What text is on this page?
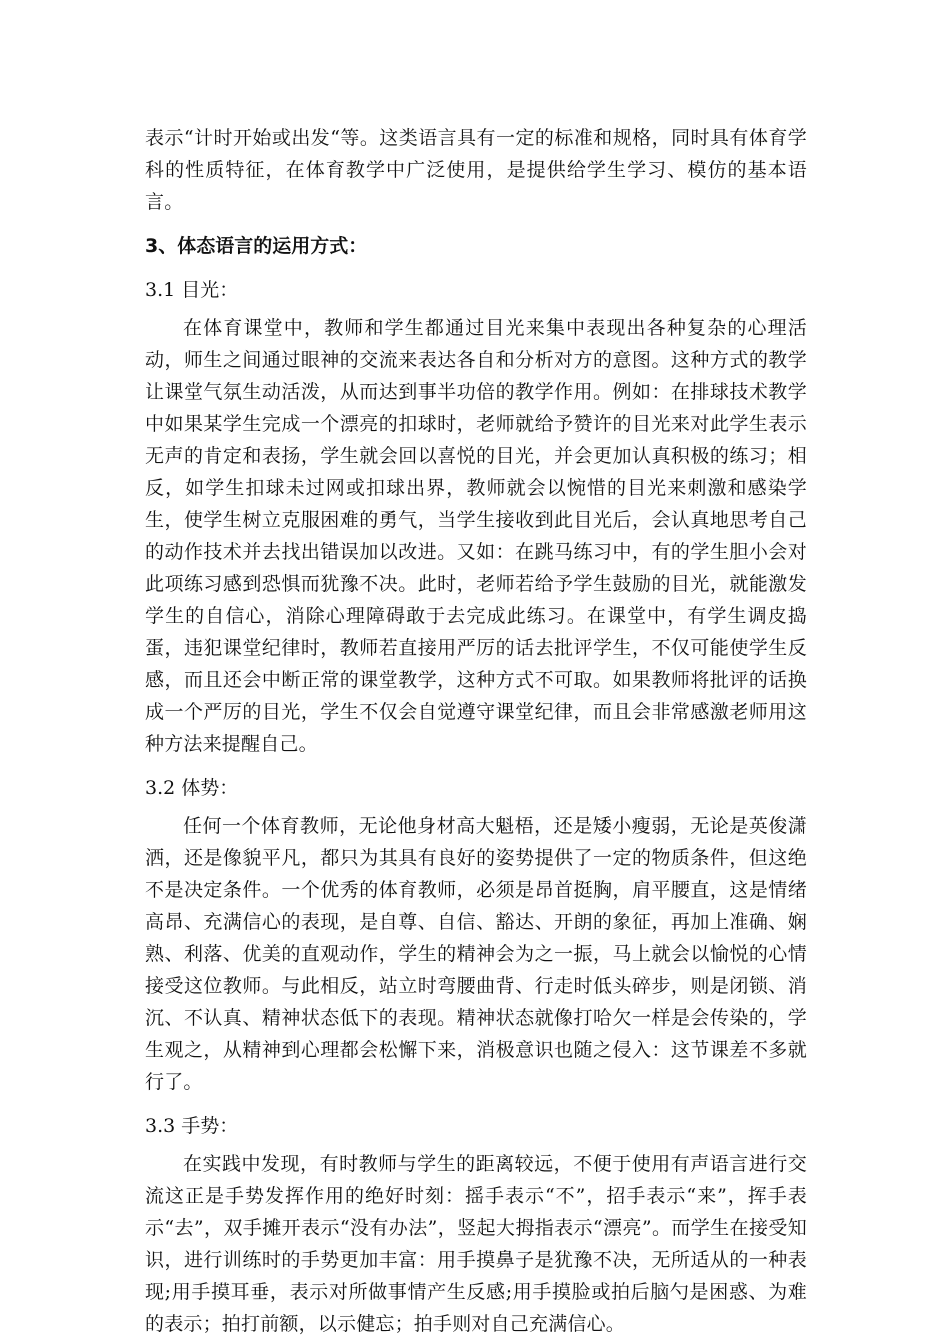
表示“计时开始或出发“等。这类语言具有一定的标准和规格，同时具有体育学科的性质特征，在体育教学中广泛使用，是提供给学生学习、模仿的基本语言。

3、体态语言的运用方式：
3.1 目光：

在体育课堂中，教师和学生都通过目光来集中表现出各种复杂的心理活动，师生之间通过眼神的交流来表达各自和分析对方的意图。这种方式的教学让课堂气氛生动活泼，从而达到事半功倍的教学作用。例如：在排球技术教学中如果某学生完成一个漂亮的扣球时，老师就给予赞许的目光来对此学生表示无声的肯定和表扬，学生就会回以喜悦的目光，并会更加认真积极的练习；相反，如学生扣球未过网或扣球出界，教师就会以惋惜的目光来刺激和感染学生，使学生树立克服困难的勇气，当学生接收到此目光后，会认真地思考自己的动作技术并去找出错误加以改进。又如：在跳马练习中，有的学生胆小会对此项练习感到恐惧而犹豫不决。此时，老师若给予学生鼓励的目光，就能激发学生的自信心，消除心理障碍敢于去完成此练习。在课堂中，有学生调皮捣蛋，违犯课堂纪律时，教师若直接用严厉的话去批评学生，不仅可能使学生反感，而且还会中断正常的课堂教学，这种方式不可取。如果教师将批评的话换成一个严厉的目光，学生不仅会自觉遵守课堂纪律，而且会非常感激老师用这种方法来提醒自己。

3.2 体势：

任何一个体育教师，无论他身材高大魁梧，还是矮小瘦弱，无论是英俊潇洒，还是像貌平凡，都只为其具有良好的姿势提供了一定的物质条件，但这绝不是决定条件。一个优秀的体育教师，必须是昂首挺胸，肩平腰直，这是情绪高昂、充满信心的表现，是自尊、自信、豁达、开朗的象征，再加上准确、娴熟、利落、优美的直观动作，学生的精神会为之一振，马上就会以愉悦的心情接受这位教师。与此相反，站立时弯腰曲背、行走时低头碎步，则是闭锁、消沉、不认真、精神状态低下的表现。精神状态就像打哈欠一样是会传染的，学生观之，从精神到心理都会松懈下来，消极意识也随之侵入：这节课差不多就行了。

3.3 手势：

在实践中发现，有时教师与学生的距离较远，不便于使用有声语言进行交流这正是手势发挥作用的绝好时刻：摇手表示“不”，招手表示“来”，挥手表示“去”，双手摊开表示“没有办法”，竖起大拇指表示“漂亮”。而学生在接受知识，进行训练时的手势更加丰富：用手摸鼻子是犹豫不决，无所适从的一种表现;用手摸耳垂，表示对所做事情产生反感;用手摸脸或拍后脑勺是困惑、为难的表示；拍打前额，以示健忘；拍手则对自己充满信心。
